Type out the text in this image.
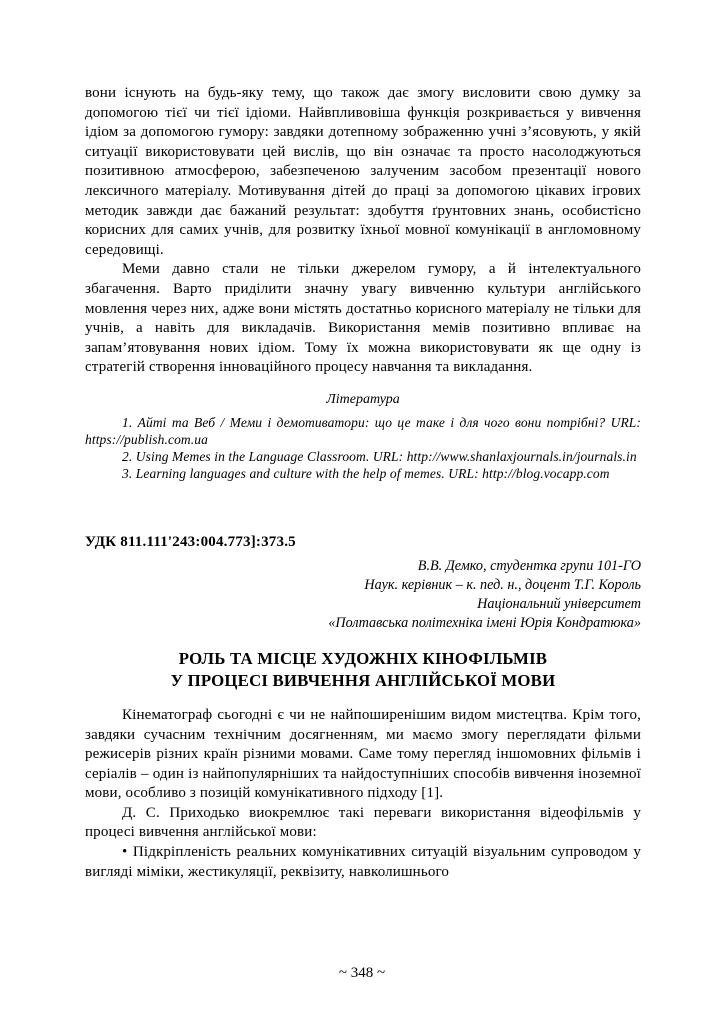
вони існують на будь-яку тему, що також дає змогу висловити свою думку за допомогою тієї чи тієї ідіоми. Найвпливовіша функція розкривається у вивчення ідіом за допомогою гумору: завдяки дотепному зображенню учні з’ясовують, у якій ситуації використовувати цей вислів, що він означає та просто насолоджуються позитивною атмосферою, забезпеченою залученим засобом презентації нового лексичного матеріалу. Мотивування дітей до праці за допомогою цікавих ігрових методик завжди дає бажаний результат: здобуття ґрунтовних знань, особистісно корисних для самих учнів, для розвитку їхньої мовної комунікації в англомовному середовищі.

Меми давно стали не тільки джерелом гумору, а й інтелектуального збагачення. Варто приділити значну увагу вивченню культури англійського мовлення через них, адже вони містять достатньо корисного матеріалу не тільки для учнів, а навіть для викладачів. Використання мемів позитивно впливає на запам’ятовування нових ідіом. Тому їх можна використовувати як ще одну із стратегій створення інноваційного процесу навчання та викладання.

Література

1. Айті та Веб / Меми і демотиватори: що це таке і для чого вони потрібні? URL: https://publish.com.ua

2. Using Memes in the Language Classroom. URL: http://www.shanlaxjournals.in/journals.in

3. Learning languages and culture with the help of memes. URL: http://blog.vocapp.com

УДК 811.111'243:004.773]:373.5

В.В. Демко, студентка групи 101-ГО
Наук. керівник – к. пед. н., доцент Т.Г. Король
Національний університет
«Полтавська політехніка імені Юрія Кондратюка»
РОЛЬ ТА МІСЦЕ ХУДОЖНІХ КІНОФІЛЬМІВ
У ПРОЦЕСІ ВИВЧЕННЯ АНГЛІЙСЬКОЇ МОВИ

Кінематограф сьогодні є чи не найпоширенішим видом мистецтва. Крім того, завдяки сучасним технічним досягненням, ми маємо змогу переглядати фільми режисерів різних країн різними мовами. Саме тому перегляд іншомовних фільмів і серіалів – один із найпопулярніших та найдоступніших способів вивчення іноземної мови, особливо з позицій комунікативного підходу [1].

Д. С. Приходько виокремлює такі переваги використання відеофільмів у процесі вивчення англійської мови:

• Підкріпленість реальних комунікативних ситуацій візуальним супроводом у вигляді міміки, жестикуляції, реквізиту, навколишнього

~ 348 ~
